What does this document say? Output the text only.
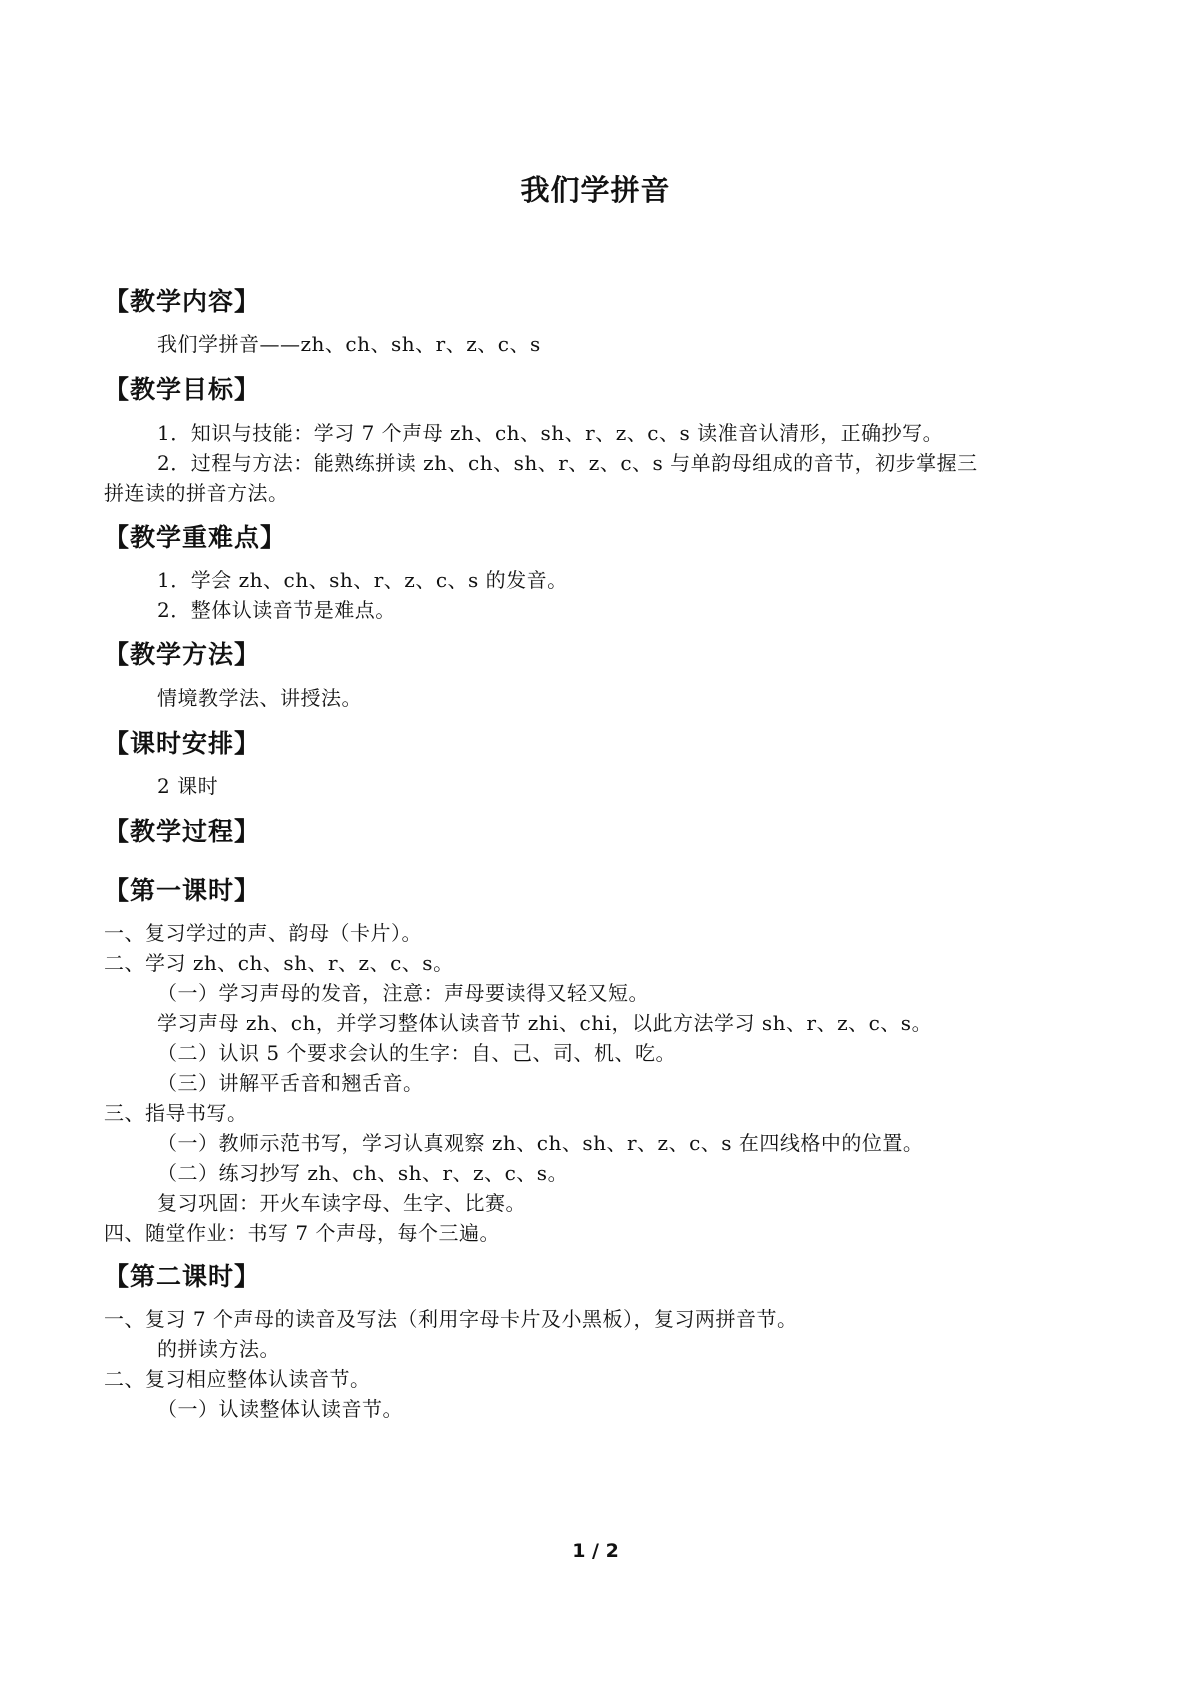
我们学拼音
【教学内容】
我们学拼音——zh、ch、sh、r、z、c、s
【教学目标】
1．知识与技能：学习 7 个声母 zh、ch、sh、r、z、c、s 读准音认清形，正确抄写。
2．过程与方法：能熟练拼读 zh、ch、sh、r、z、c、s 与单韵母组成的音节，初步掌握三
拼连读的拼音方法。
【教学重难点】
1．学会 zh、ch、sh、r、z、c、s 的发音。
2．整体认读音节是难点。
【教学方法】
情境教学法、讲授法。
【课时安排】
2 课时
【教学过程】
【第一课时】
一、复习学过的声、韵母（卡片）。
二、学习 zh、ch、sh、r、z、c、s。
（一）学习声母的发音，注意：声母要读得又轻又短。
学习声母 zh、ch，并学习整体认读音节 zhi、chi，以此方法学习 sh、r、z、c、s。
（二）认识 5 个要求会认的生字：自、己、司、机、吃。
（三）讲解平舌音和翘舌音。
三、指导书写。
（一）教师示范书写，学习认真观察 zh、ch、sh、r、z、c、s 在四线格中的位置。
（二）练习抄写 zh、ch、sh、r、z、c、s。
复习巩固：开火车读字母、生字、比赛。
四、随堂作业：书写 7 个声母，每个三遍。
【第二课时】
一、复习 7 个声母的读音及写法（利用字母卡片及小黑板），复习两拼音节。
的拼读方法。
二、复习相应整体认读音节。
（一）认读整体认读音节。
1 / 2
